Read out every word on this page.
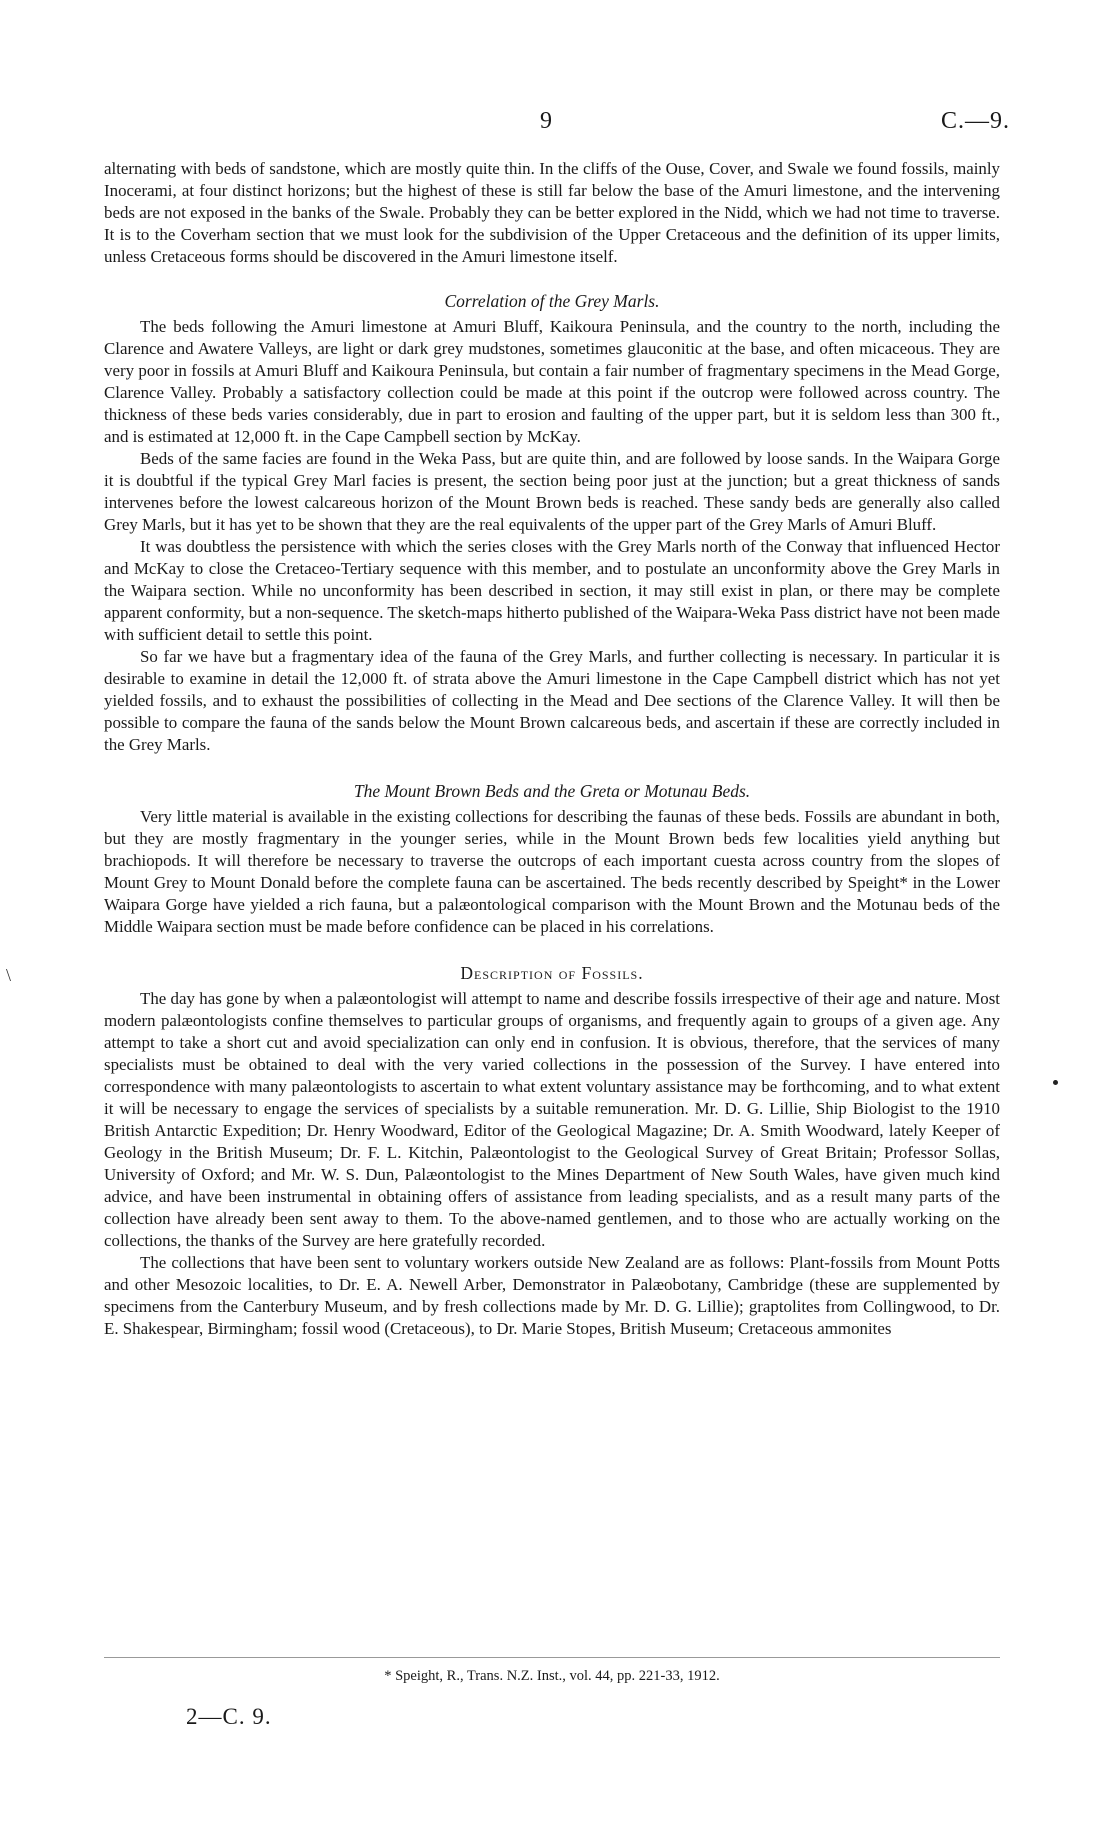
9	C.—9.
\

alternating with beds of sandstone, which are mostly quite thin. In the cliffs of the Ouse, Cover, and Swale we found fossils, mainly Inocerami, at four distinct horizons; but the highest of these is still far below the base of the Amuri limestone, and the intervening beds are not exposed in the banks of the Swale. Probably they can be better explored in the Nidd, which we had not time to traverse. It is to the Coverham section that we must look for the subdivision of the Upper Cretaceous and the definition of its upper limits, unless Cretaceous forms should be discovered in the Amuri limestone itself.

Correlation of the Grey Marls.

The beds following the Amuri limestone at Amuri Bluff, Kaikoura Peninsula, and the country to the north, including the Clarence and Awatere Valleys, are light or dark grey mudstones, sometimes glauconitic at the base, and often micaceous. They are very poor in fossils at Amuri Bluff and Kaikoura Peninsula, but contain a fair number of fragmentary specimens in the Mead Gorge, Clarence Valley. Probably a satisfactory collection could be made at this point if the outcrop were followed across country. The thickness of these beds varies considerably, due in part to erosion and faulting of the upper part, but it is seldom less than 300 ft., and is estimated at 12,000 ft. in the Cape Campbell section by McKay.

Beds of the same facies are found in the Weka Pass, but are quite thin, and are followed by loose sands. In the Waipara Gorge it is doubtful if the typical Grey Marl facies is present, the section being poor just at the junction; but a great thickness of sands intervenes before the lowest calcareous horizon of the Mount Brown beds is reached. These sandy beds are generally also called Grey Marls, but it has yet to be shown that they are the real equivalents of the upper part of the Grey Marls of Amuri Bluff.

It was doubtless the persistence with which the series closes with the Grey Marls north of the Conway that influenced Hector and McKay to close the Cretaceo-Tertiary sequence with this member, and to postulate an unconformity above the Grey Marls in the Waipara section. While no unconformity has been described in section, it may still exist in plan, or there may be complete apparent conformity, but a non-sequence. The sketch-maps hitherto published of the Waipara-Weka Pass district have not been made with sufficient detail to settle this point.

So far we have but a fragmentary idea of the fauna of the Grey Marls, and further collecting is necessary. In particular it is desirable to examine in detail the 12,000 ft. of strata above the Amuri limestone in the Cape Campbell district which has not yet yielded fossils, and to exhaust the possibilities of collecting in the Mead and Dee sections of the Clarence Valley. It will then be possible to compare the fauna of the sands below the Mount Brown calcareous beds, and ascertain if these are correctly included in the Grey Marls.

The Mount Brown Beds and the Greta or Motunau Beds.

Very little material is available in the existing collections for describing the faunas of these beds. Fossils are abundant in both, but they are mostly fragmentary in the younger series, while in the Mount Brown beds few localities yield anything but brachiopods. It will therefore be necessary to traverse the outcrops of each important cuesta across country from the slopes of Mount Grey to Mount Donald before the complete fauna can be ascertained. The beds recently described by Speight* in the Lower Waipara Gorge have yielded a rich fauna, but a palæontological comparison with the Mount Brown and the Motunau beds of the Middle Waipara section must be made before confidence can be placed in his correlations.

Description of Fossils.

The day has gone by when a palæontologist will attempt to name and describe fossils irrespective of their age and nature. Most modern palæontologists confine themselves to particular groups of organisms, and frequently again to groups of a given age. Any attempt to take a short cut and avoid specialization can only end in confusion. It is obvious, therefore, that the services of many specialists must be obtained to deal with the very varied collections in the possession of the Survey. I have entered into correspondence with many palæontologists to ascertain to what extent voluntary assistance may be forthcoming, and to what extent it will be necessary to engage the services of specialists by a suitable remuneration. Mr. D. G. Lillie, Ship Biologist to the 1910 British Antarctic Expedition; Dr. Henry Woodward, Editor of the Geological Magazine; Dr. A. Smith Woodward, lately Keeper of Geology in the British Museum; Dr. F. L. Kitchin, Palæontologist to the Geological Survey of Great Britain; Professor Sollas, University of Oxford; and Mr. W. S. Dun, Palæontologist to the Mines Department of New South Wales, have given much kind advice, and have been instrumental in obtaining offers of assistance from leading specialists, and as a result many parts of the collection have already been sent away to them. To the above-named gentlemen, and to those who are actually working on the collections, the thanks of the Survey are here gratefully recorded.

The collections that have been sent to voluntary workers outside New Zealand are as follows: Plant-fossils from Mount Potts and other Mesozoic localities, to Dr. E. A. Newell Arber, Demonstrator in Palæobotany, Cambridge (these are supplemented by specimens from the Canterbury Museum, and by fresh collections made by Mr. D. G. Lillie); graptolites from Collingwood, to Dr. E. Shakespear, Birmingham; fossil wood (Cretaceous), to Dr. Marie Stopes, British Museum; Cretaceous ammonites

* Speight, R., Trans. N.Z. Inst., vol. 44, pp. 221-33, 1912.
2—C. 9.
